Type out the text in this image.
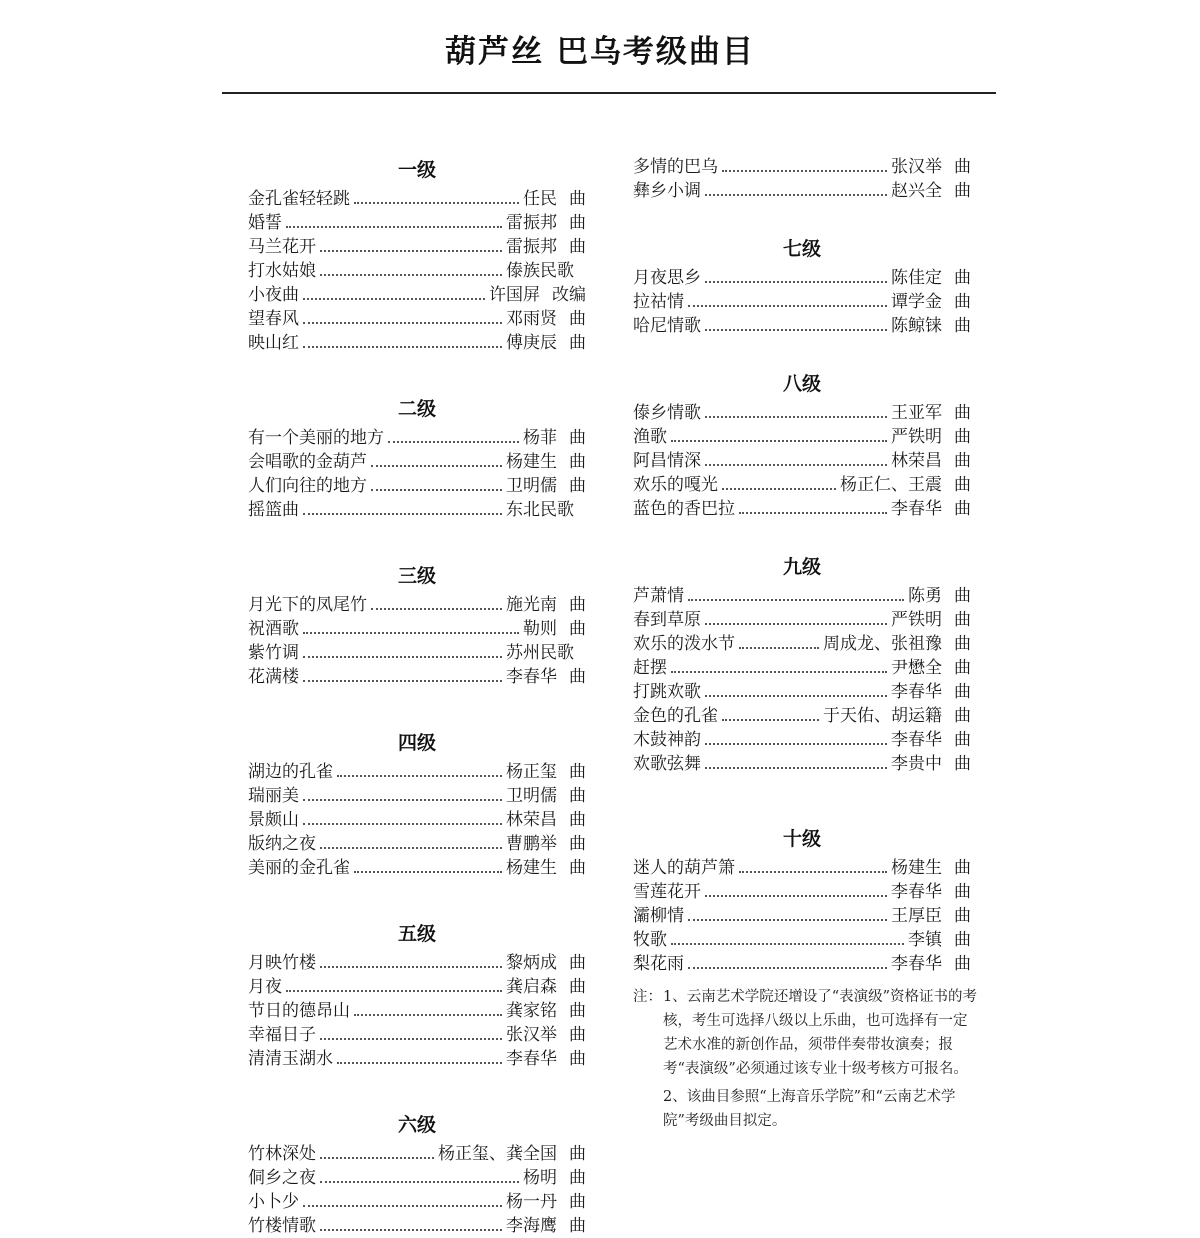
葫芦丝 巴乌考级曲目
一级
金孔雀轻轻跳	任民 曲
婚誓	雷振邦 曲
马兰花开	雷振邦 曲
打水姑娘	傣族民歌
小夜曲	许国屏 改编
望春风	邓雨贤 曲
映山红	傅庚辰 曲
二级
有一个美丽的地方	杨菲 曲
会唱歌的金葫芦	杨建生 曲
人们向往的地方	卫明儒 曲
摇篮曲	东北民歌
三级
月光下的凤尾竹	施光南 曲
祝酒歌	勒则 曲
紫竹调	苏州民歌
花满楼	李春华 曲
四级
湖边的孔雀	杨正玺 曲
瑞丽美	卫明儒 曲
景颇山	林荣昌 曲
版纳之夜	曹鹏举 曲
美丽的金孔雀	杨建生 曲
五级
月映竹楼	黎炳成 曲
月夜	龚启森 曲
节日的德昂山	龚家铭 曲
幸福日子	张汉举 曲
清清玉湖水	李春华 曲
六级
竹林深处	杨正玺、龚全国 曲
侗乡之夜	杨明 曲
小卜少	杨一丹 曲
竹楼情歌	李海鹰 曲
多情的巴乌	张汉举 曲
彝乡小调	赵兴全 曲
七级
月夜思乡	陈佳定 曲
拉祜情	谭学金 曲
哈尼情歌	陈鲸铼 曲
八级
傣乡情歌	王亚军 曲
渔歌	严铁明 曲
阿昌情深	林荣昌 曲
欢乐的嘎光	杨正仁、王震 曲
蓝色的香巴拉	李春华 曲
九级
芦萧情	陈勇 曲
春到草原	严铁明 曲
欢乐的泼水节	周成龙、张祖豫 曲
赶摆	尹懋全 曲
打跳欢歌	李春华 曲
金色的孔雀	于天佑、胡运籍 曲
木鼓神韵	李春华 曲
欢歌弦舞	李贵中 曲
十级
迷人的葫芦箫	杨建生 曲
雪莲花开	李春华 曲
灞柳情	王厚臣 曲
牧歌	李镇 曲
梨花雨	李春华 曲
注： 1、云南艺术学院还增设了“表演级”资格证书的考核，考生可选择八级以上乐曲，也可选择有一定艺术水准的新创作品，须带伴奏带妆演奏；报考“表演级”必须通过该专业十级考核方可报名。
2、该曲目参照“上海音乐学院”和“云南艺术学院”考级曲目拟定。
